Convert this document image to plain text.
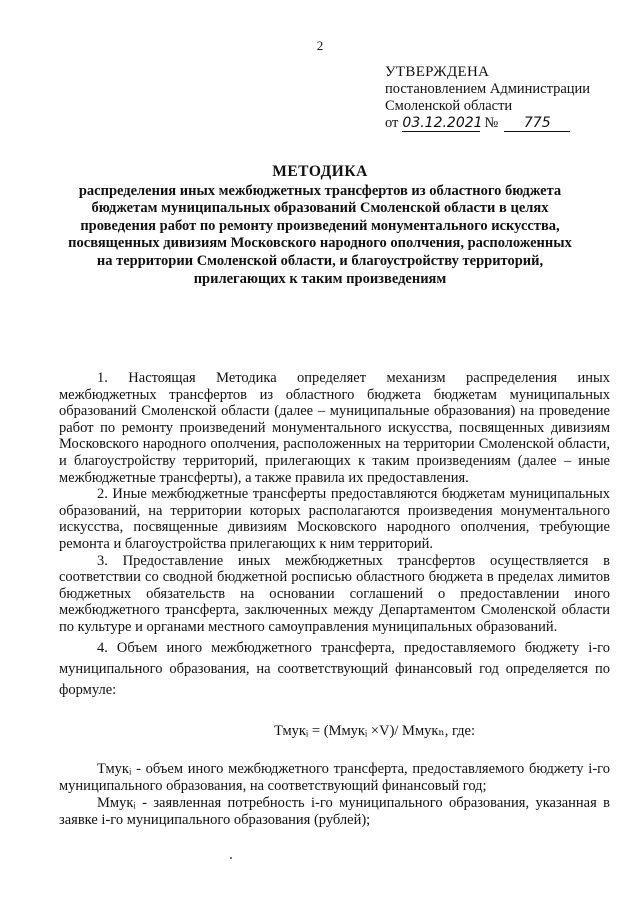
2
УТВЕРЖДЕНА
постановлением Администрации
Смоленской области
от 03.12.2021 №	775
МЕТОДИКА
распределения иных межбюджетных трансфертов из областного бюджета бюджетам муниципальных образований Смоленской области в целях проведения работ по ремонту произведений монументального искусства, посвященных дивизиям Московского народного ополчения, расположенных на территории Смоленской области, и благоустройству территорий, прилегающих к таким произведениям

1. Настоящая Методика определяет механизм распределения иных межбюджетных трансфертов из областного бюджета бюджетам муниципальных образований Смоленской области (далее – муниципальные образования) на проведение работ по ремонту произведений монументального искусства, посвященных дивизиям Московского народного ополчения, расположенных на территории Смоленской области, и благоустройству территорий, прилегающих к таким произведениям (далее – иные межбюджетные трансферты), а также правила их предоставления.

2. Иные межбюджетные трансферты предоставляются бюджетам муниципальных образований, на территории которых располагаются произведения монументального искусства, посвященные дивизиям Московского народного ополчения, требующие ремонта и благоустройства прилегающих к ним территорий.

3. Предоставление иных межбюджетных трансфертов осуществляется в соответствии со сводной бюджетной росписью областного бюджета в пределах лимитов бюджетных обязательств на основании соглашений о предоставлении иного межбюджетного трансферта, заключенных между Департаментом Смоленской области по культуре и органами местного самоуправления муниципальных образований.

4. Объем иного межбюджетного трансферта, предоставляемого бюджету i-го муниципального образования, на соответствующий финансовый год определяется по формуле:

Тмукᵢ = (Ммукᵢ ×V)/ Ммукₙ, где:

Тмукᵢ - объем иного межбюджетного трансферта, предоставляемого бюджету i-го муниципального образования, на соответствующий финансовый год;

Ммукᵢ - заявленная потребность i-го муниципального образования, указанная в заявке i-го муниципального образования (рублей);
